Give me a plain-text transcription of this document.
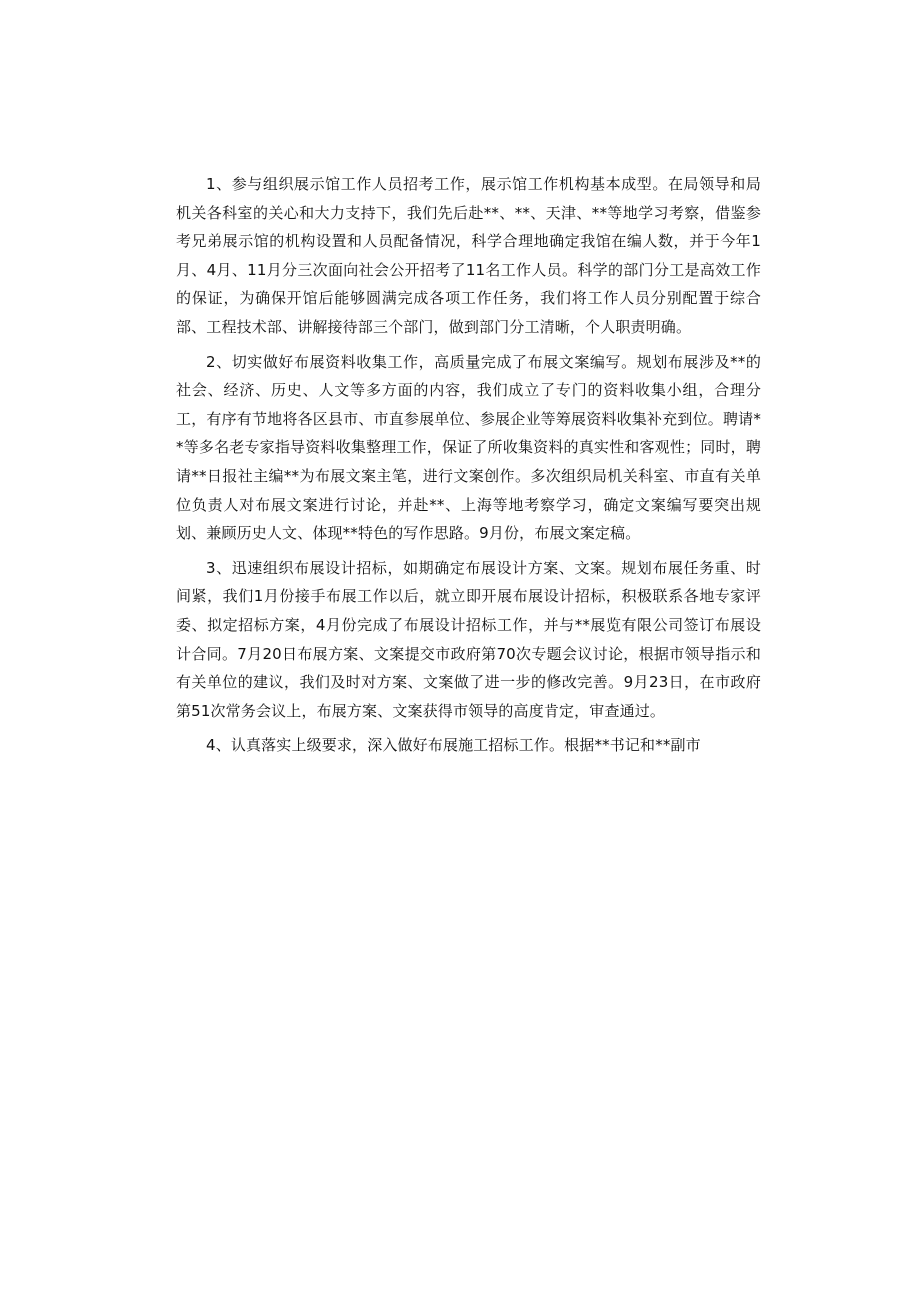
1、参与组织展示馆工作人员招考工作，展示馆工作机构基本成型。在局领导和局机关各科室的关心和大力支持下，我们先后赴**、**、天津、**等地学习考察，借鉴参考兄弟展示馆的机构设置和人员配备情况，科学合理地确定我馆在编人数，并于今年1月、4月、11月分三次面向社会公开招考了11名工作人员。科学的部门分工是高效工作的保证，为确保开馆后能够圆满完成各项工作任务，我们将工作人员分别配置于综合部、工程技术部、讲解接待部三个部门，做到部门分工清晰，个人职责明确。

2、切实做好布展资料收集工作，高质量完成了布展文案编写。规划布展涉及**的社会、经济、历史、人文等多方面的内容，我们成立了专门的资料收集小组，合理分工，有序有节地将各区县市、市直参展单位、参展企业等筹展资料收集补充到位。聘请**等多名老专家指导资料收集整理工作，保证了所收集资料的真实性和客观性；同时，聘请**日报社主编**为布展文案主笔，进行文案创作。多次组织局机关科室、市直有关单位负责人对布展文案进行讨论，并赴**、上海等地考察学习，确定文案编写要突出规划、兼顾历史人文、体现**特色的写作思路。9月份，布展文案定稿。

3、迅速组织布展设计招标，如期确定布展设计方案、文案。规划布展任务重、时间紧，我们1月份接手布展工作以后，就立即开展布展设计招标，积极联系各地专家评委、拟定招标方案，4月份完成了布展设计招标工作，并与**展览有限公司签订布展设计合同。7月20日布展方案、文案提交市政府第70次专题会议讨论，根据市领导指示和有关单位的建议，我们及时对方案、文案做了进一步的修改完善。9月23日，在市政府第51次常务会议上，布展方案、文案获得市领导的高度肯定，审查通过。

4、认真落实上级要求，深入做好布展施工招标工作。根据**书记和**副市
